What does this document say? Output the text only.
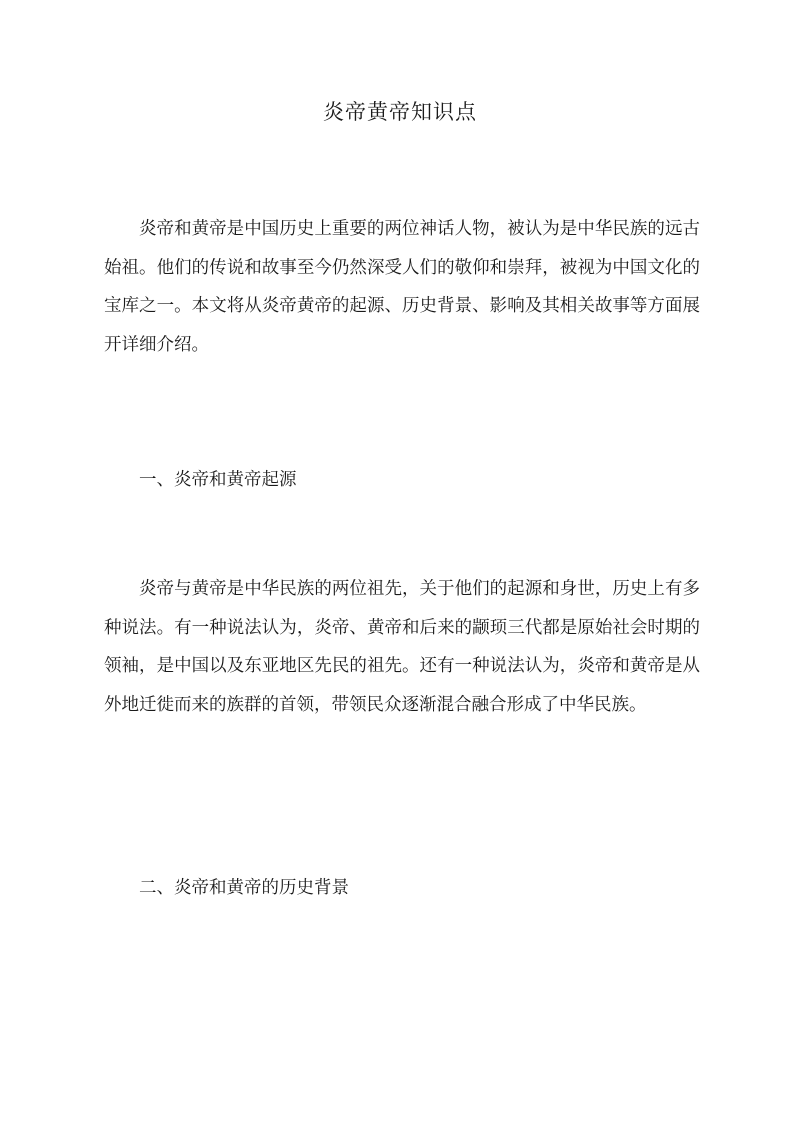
炎帝黄帝知识点

炎帝和黄帝是中国历史上重要的两位神话人物，被认为是中华民族的远古始祖。他们的传说和故事至今仍然深受人们的敬仰和崇拜，被视为中国文化的宝库之一。本文将从炎帝黄帝的起源、历史背景、影响及其相关故事等方面展开详细介绍。

一、炎帝和黄帝起源

炎帝与黄帝是中华民族的两位祖先，关于他们的起源和身世，历史上有多种说法。有一种说法认为，炎帝、黄帝和后来的颛顼三代都是原始社会时期的领袖，是中国以及东亚地区先民的祖先。还有一种说法认为，炎帝和黄帝是从外地迁徙而来的族群的首领，带领民众逐渐混合融合形成了中华民族。

二、炎帝和黄帝的历史背景
